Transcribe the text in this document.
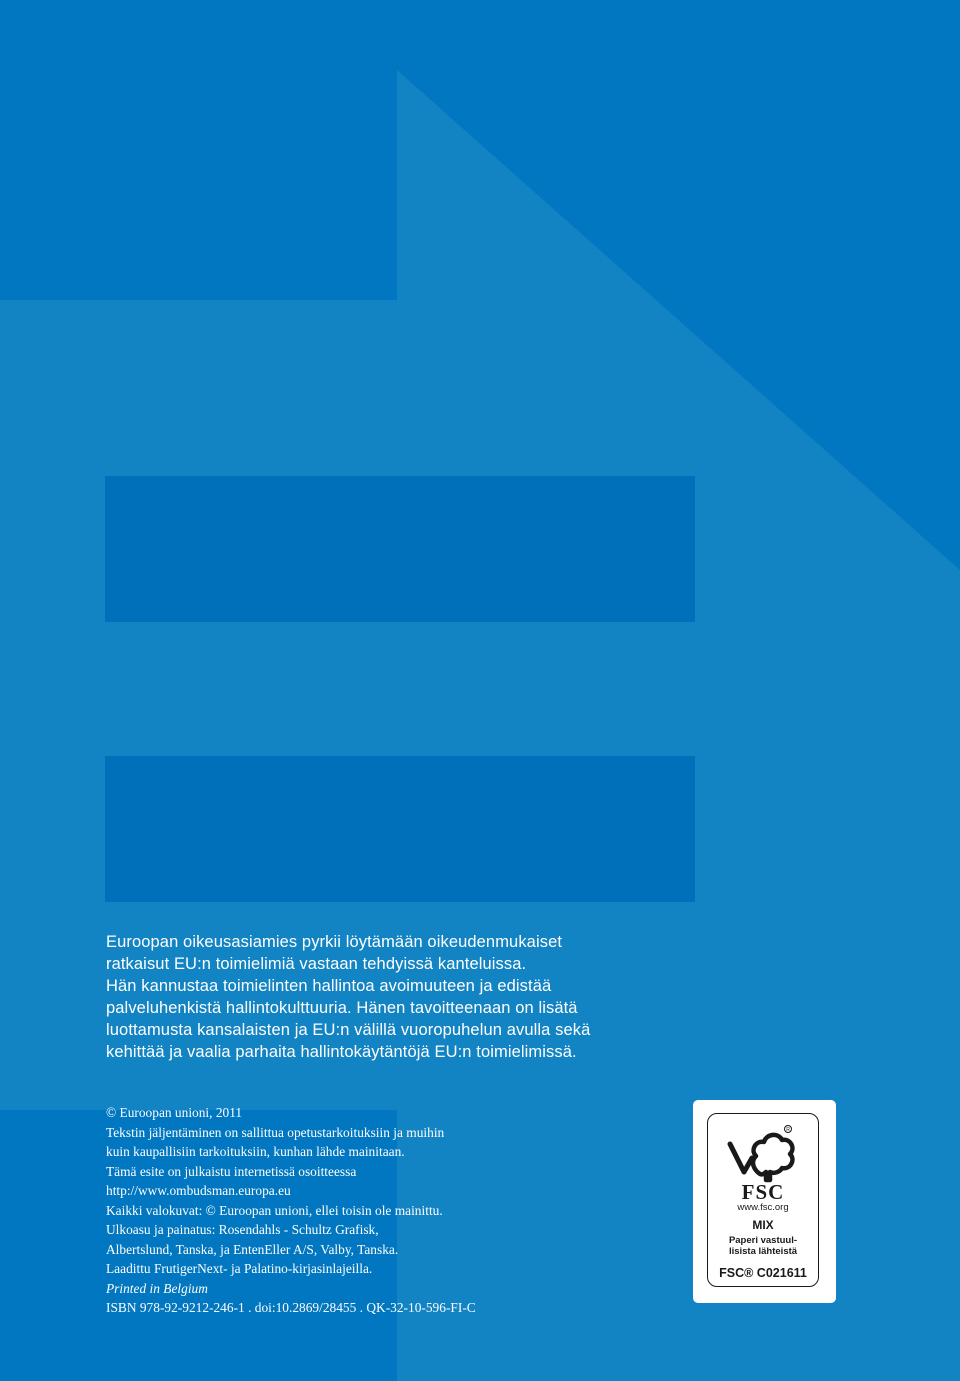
Euroopan oikeusasiamies pyrkii löytämään oikeudenmukaiset
ratkaisut EU:n toimielimiä vastaan tehdyissä kanteluissa.
Hän kannustaa toimielinten hallintoa avoimuuteen ja edistää
palveluhenkistä hallintokulttuuria. Hänen tavoitteenaan on lisätä
luottamusta kansalaisten ja EU:n välillä vuoropuhelun avulla sekä
kehittää ja vaalia parhaita hallintokäytäntöjä EU:n toimielimissä.

© Euroopan unioni, 2011
Tekstin jäljentäminen on sallittua opetustarkoituksiin ja muihin
kuin kaupallisiin tarkoituksiin, kunhan lähde mainitaan.
Tämä esite on julkaistu internetissä osoitteessa
http://www.ombudsman.europa.eu
Kaikki valokuvat: © Euroopan unioni, ellei toisin ole mainittu.
Ulkoasu ja painatus: Rosendahls - Schultz Grafisk,
Albertslund, Tanska, ja EntenEller A/S, Valby, Tanska.
Laadittu FrutigerNext- ja Palatino-kirjasinlajeilla.
Printed in Belgium
ISBN 978-92-9212-246-1 . doi:10.2869/28455 . QK-32-10-596-FI-C
R
FSC
www.fsc.org
MIX
Paperi vastuul-
lisista lähteistä
FSC® C021611
